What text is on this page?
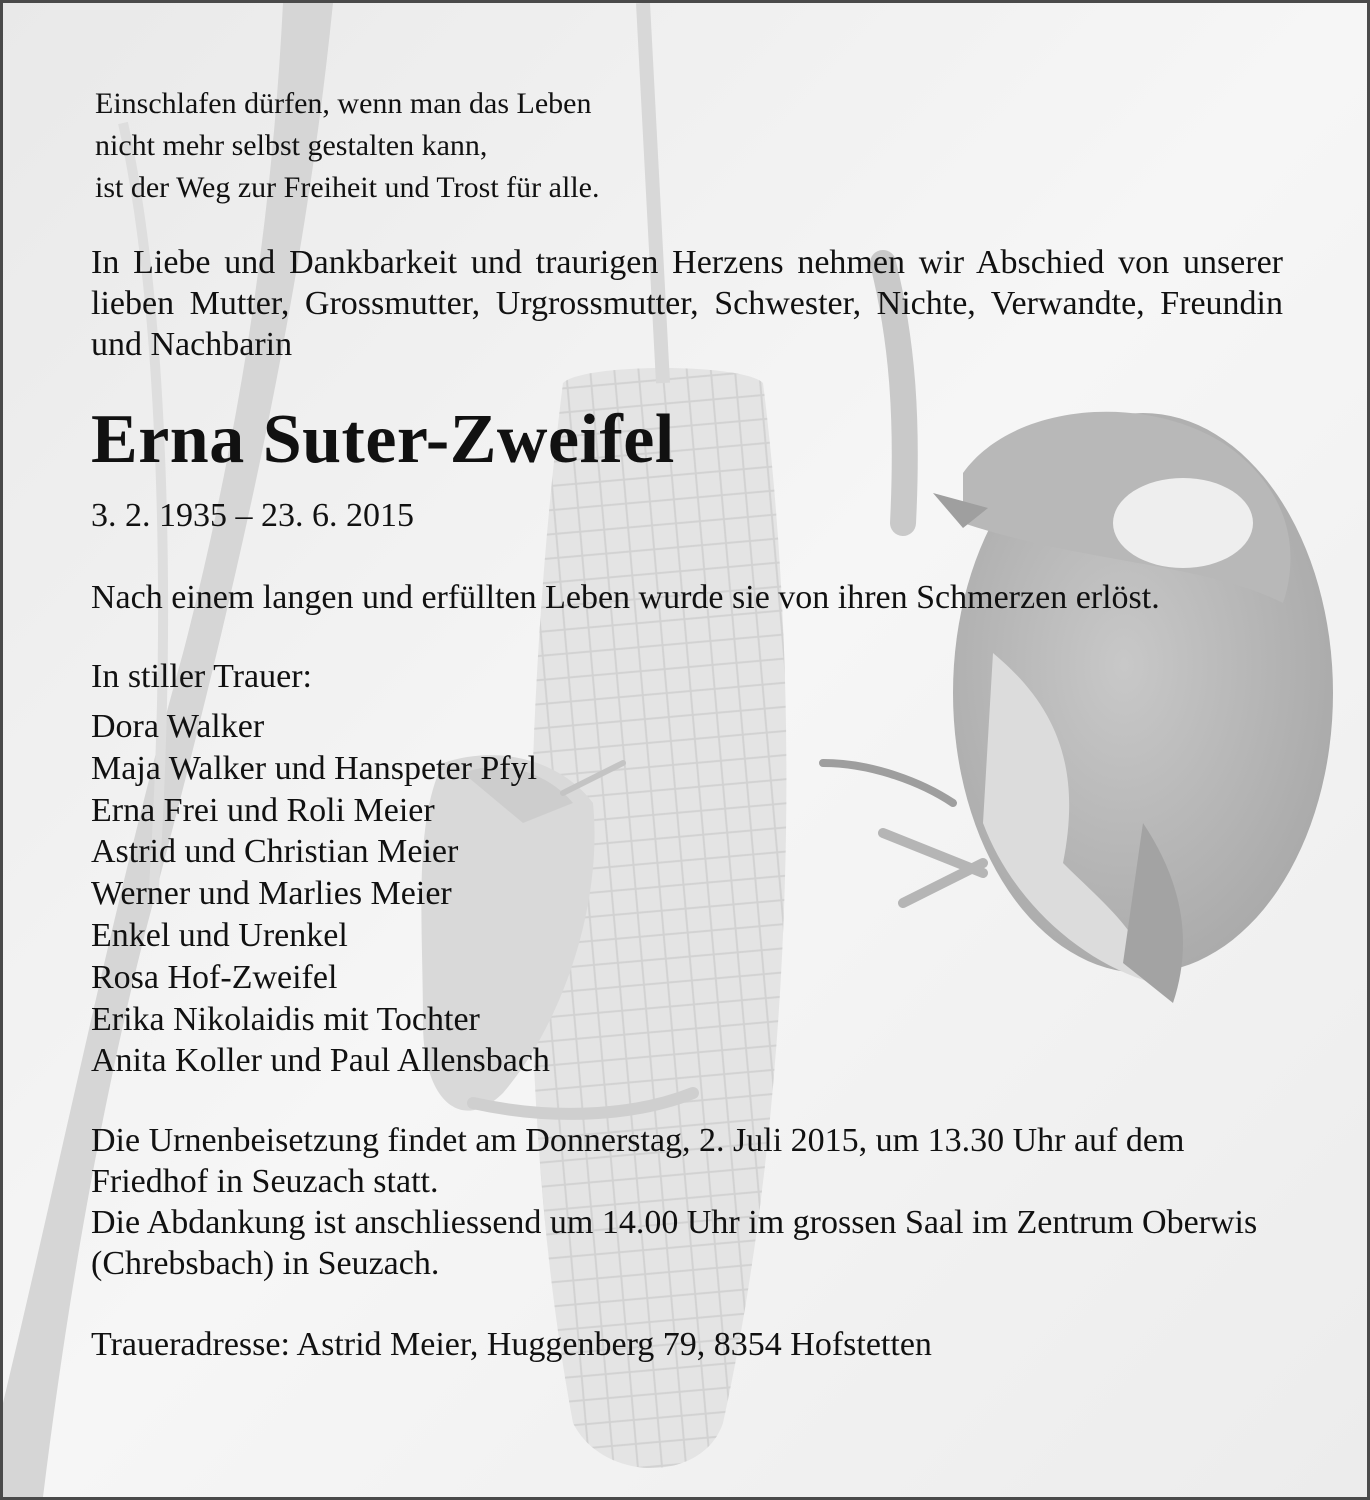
Einschlafen dürfen, wenn man das Leben
nicht mehr selbst gestalten kann,
ist der Weg zur Freiheit und Trost für alle.

In Liebe und Dankbarkeit und traurigen Herzens nehmen wir Abschied von unserer lieben Mutter, Grossmutter, Urgrossmutter, Schwester, Nichte, Verwandte, Freundin und Nachbarin

Erna Suter-Zweifel

3. 2. 1935 – 23. 6. 2015

Nach einem langen und erfüllten Leben wurde sie von ihren Schmerzen erlöst.

In stiller Trauer:

Dora Walker
Maja Walker und Hanspeter Pfyl
Erna Frei und Roli Meier
Astrid und Christian Meier
Werner und Marlies Meier
Enkel und Urenkel
Rosa Hof-Zweifel
Erika Nikolaidis mit Tochter
Anita Koller und Paul Allensbach
Die Urnenbeisetzung findet am Donnerstag, 2. Juli 2015, um 13.30 Uhr auf dem Friedhof in Seuzach statt.
Die Abdankung ist anschliessend um 14.00 Uhr im grossen Saal im Zentrum Oberwis (Chrebsbach) in Seuzach.

Traueradresse: Astrid Meier, Huggenberg 79, 8354 Hofstetten
